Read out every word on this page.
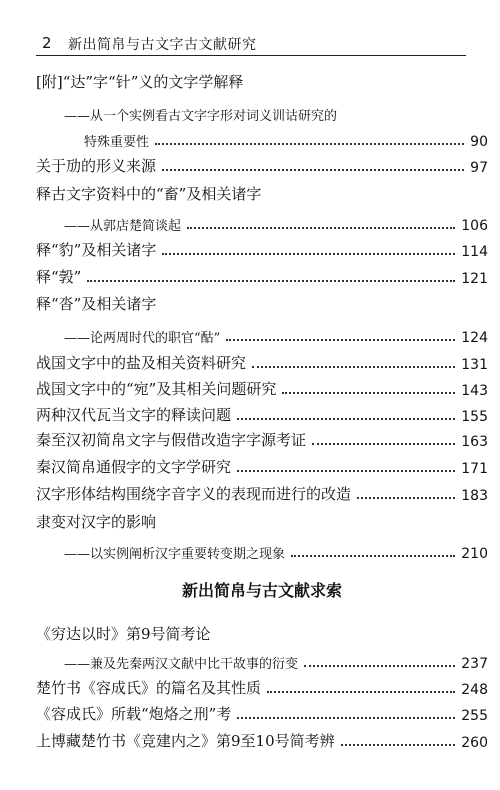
2 新出简帛与古文字古文献研究
[附]“达”字“针”义的文字学解释
——从一个实例看古文字字形对词义训诂研究的
特殊重要性	90
关于劢的形义来源	97
释古文字资料中的“畜”及相关诸字
——从郭店楚简谈起	106
释“豹”及相关诸字	114
释“㝅”	121
释“沓”及相关诸字
——论两周时代的职官“酤”	124
战国文字中的盐及相关资料研究	131
战国文字中的“宛”及其相关问题研究	143
两种汉代瓦当文字的释读问题	155
秦至汉初简帛文字与假借改造字字源考证	163
秦汉简帛通假字的文字学研究	171
汉字形体结构围绕字音字义的表现而进行的改造	183
隶变对汉字的影响
——以实例阐析汉字重要转变期之现象	210
新出简帛与古文献求索
《穷达以时》第9号简考论
——兼及先秦两汉文献中比干故事的衍变	237
楚竹书《容成氏》的篇名及其性质	248
《容成氏》所载“炮烙之刑”考	255
上博藏楚竹书《竞建内之》第9至10号简考辨	260
